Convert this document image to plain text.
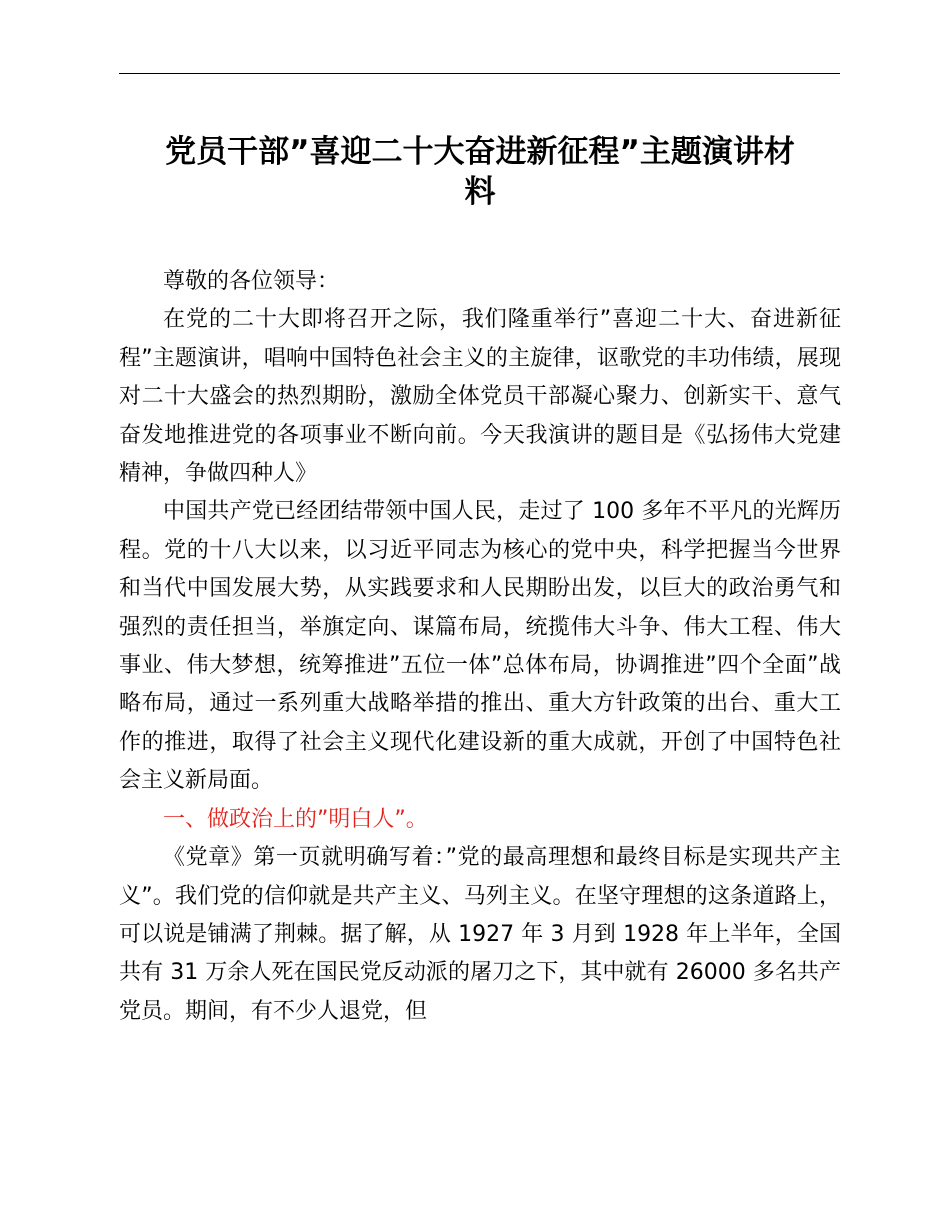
党员干部”喜迎二十大奋进新征程”主题演讲材
料

尊敬的各位领导：

在党的二十大即将召开之际，我们隆重举行”喜迎二十大、奋进新征程”主题演讲，唱响中国特色社会主义的主旋律，讴歌党的丰功伟绩，展现对二十大盛会的热烈期盼，激励全体党员干部凝心聚力、创新实干、意气奋发地推进党的各项事业不断向前。今天我演讲的题目是《弘扬伟大党建精神，争做四种人》

中国共产党已经团结带领中国人民，走过了 100 多年不平凡的光辉历程。党的十八大以来，以习近平同志为核心的党中央，科学把握当今世界和当代中国发展大势，从实践要求和人民期盼出发，以巨大的政治勇气和强烈的责任担当，举旗定向、谋篇布局，统揽伟大斗争、伟大工程、伟大事业、伟大梦想，统筹推进”五位一体”总体布局，协调推进”四个全面”战略布局，通过一系列重大战略举措的推出、重大方针政策的出台、重大工作的推进，取得了社会主义现代化建设新的重大成就，开创了中国特色社会主义新局面。

一、做政治上的”明白人”。

《党章》第一页就明确写着：”党的最高理想和最终目标是实现共产主义”。我们党的信仰就是共产主义、马列主义。在坚守理想的这条道路上，可以说是铺满了荆棘。据了解，从 1927 年 3 月到 1928 年上半年，全国共有 31 万余人死在国民党反动派的屠刀之下，其中就有 26000 多名共产党员。期间，有不少人退党，但
